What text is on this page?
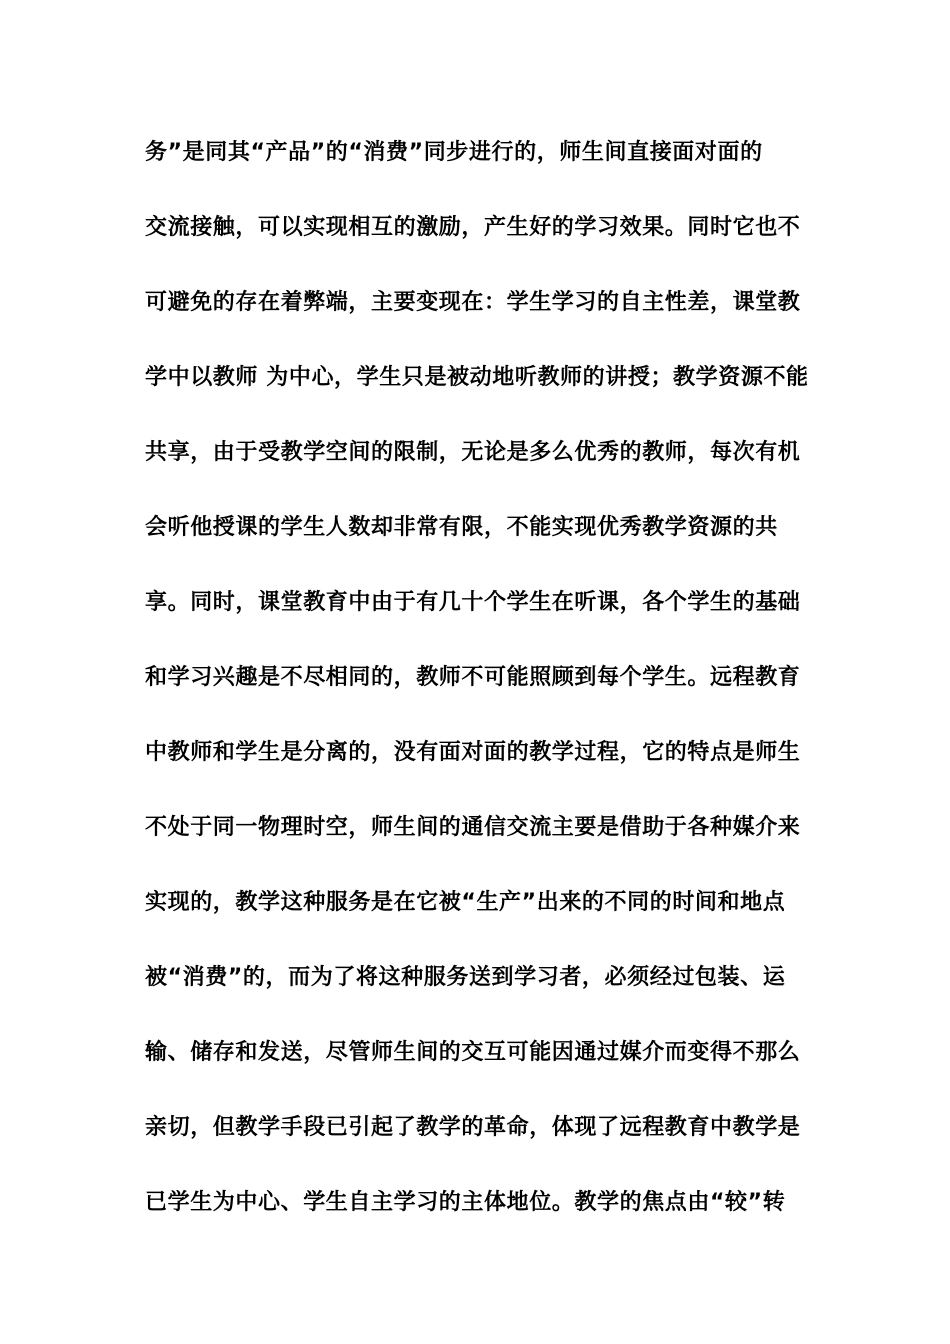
务”是同其“产品”的“消费”同步进行的，师生间直接面对面的
交流接触，可以实现相互的激励，产生好的学习效果。同时它也不
可避免的存在着弊端，主要变现在：学生学习的自主性差，课堂教
学中以教师 为中心，学生只是被动地听教师的讲授；教学资源不能
共享，由于受教学空间的限制，无论是多么优秀的教师，每次有机
会听他授课的学生人数却非常有限，不能实现优秀教学资源的共
享。同时，课堂教育中由于有几十个学生在听课，各个学生的基础
和学习兴趣是不尽相同的，教师不可能照顾到每个学生。远程教育
中教师和学生是分离的，没有面对面的教学过程，它的特点是师生
不处于同一物理时空，师生间的通信交流主要是借助于各种媒介来
实现的，教学这种服务是在它被“生产”出来的不同的时间和地点
被“消费”的，而为了将这种服务送到学习者，必须经过包装、运
输、储存和发送，尽管师生间的交互可能因通过媒介而变得不那么
亲切，但教学手段已引起了教学的革命，体现了远程教育中教学是
已学生为中心、学生自主学习的主体地位。教学的焦点由“较”转
